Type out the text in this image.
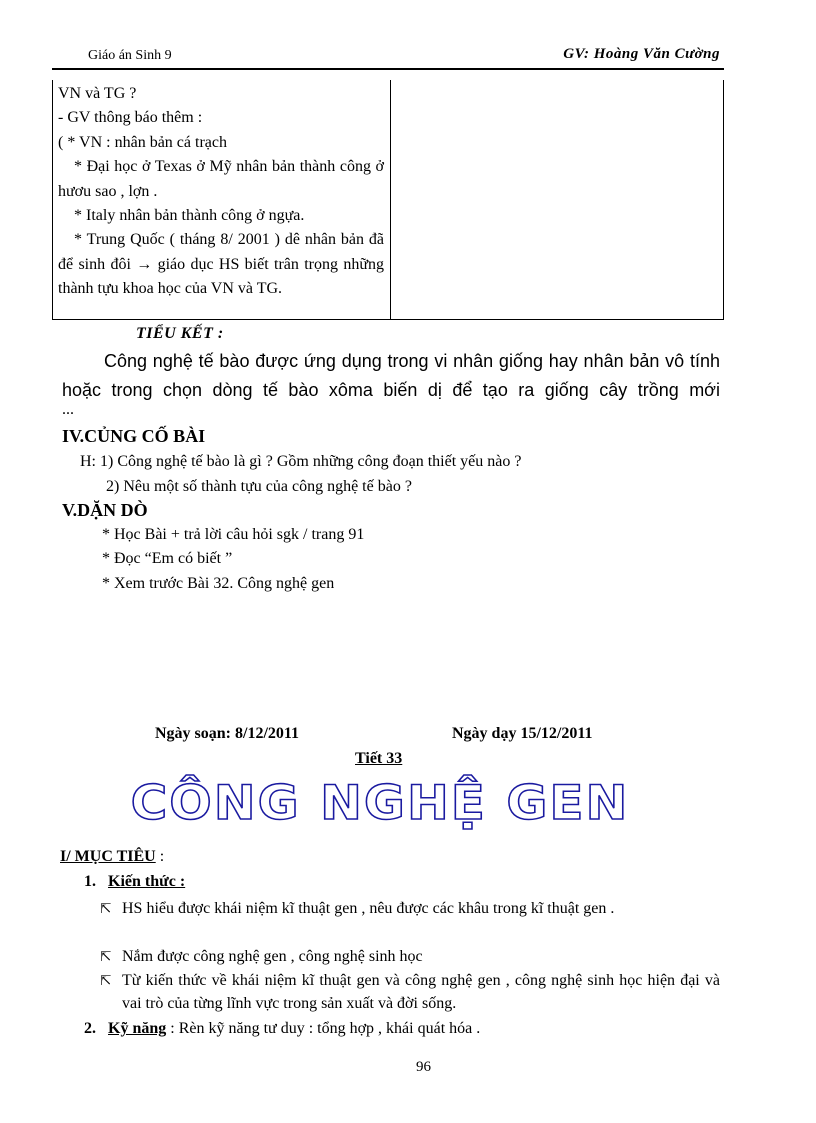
Giáo án Sinh 9	GV: Hoàng Văn Cường

VN và TG ?

- GV thông báo thêm :

( * VN : nhân bản cá trạch

* Đại học ở Texas ở Mỹ nhân bản thành công ở hươu sao , lợn .

* Italy nhân bản thành công ở ngựa.

* Trung Quốc ( tháng 8/ 2001 ) dê nhân bản đã để sinh đôi → giáo dục HS biết trân trọng những thành tựu khoa học của VN và TG.

TIỂU KẾT :

Công nghệ tế bào được ứng dụng trong vi nhân giống hay nhân bản vô tính hoặc trong chọn dòng tế bào xôma biến dị để tạo ra giống cây trồng mới

...
IV.CỦNG CỐ BÀI
H: 1) Công nghệ tế bào là gì ? Gồm những công đoạn thiết yếu nào ?
2) Nêu một số thành tựu của công nghệ tế bào ?
V.DẶN DÒ
* Học Bài + trả lời câu hỏi sgk / trang 91
* Đọc “Em có biết ”
* Xem trước Bài 32. Công nghệ gen
Ngày soạn: 8/12/2011	Ngày dạy 15/12/2011
Tiết 33
CÔNG NGHỆ GEN
I/ MỤC TIÊU :
1. Kiến thức :
⇱ HS hiểu được khái niệm kĩ thuật gen , nêu được các khâu trong kĩ thuật gen .
⇱ Nắm được công nghệ gen , công nghệ sinh học
⇱ Từ kiến thức về khái niệm kĩ thuật gen và công nghệ gen , công nghệ sinh học hiện đại và vai trò của từng lĩnh vực trong sản xuất và đời sống.
2. Kỹ năng : Rèn kỹ năng tư duy : tổng hợp , khái quát hóa .
96
